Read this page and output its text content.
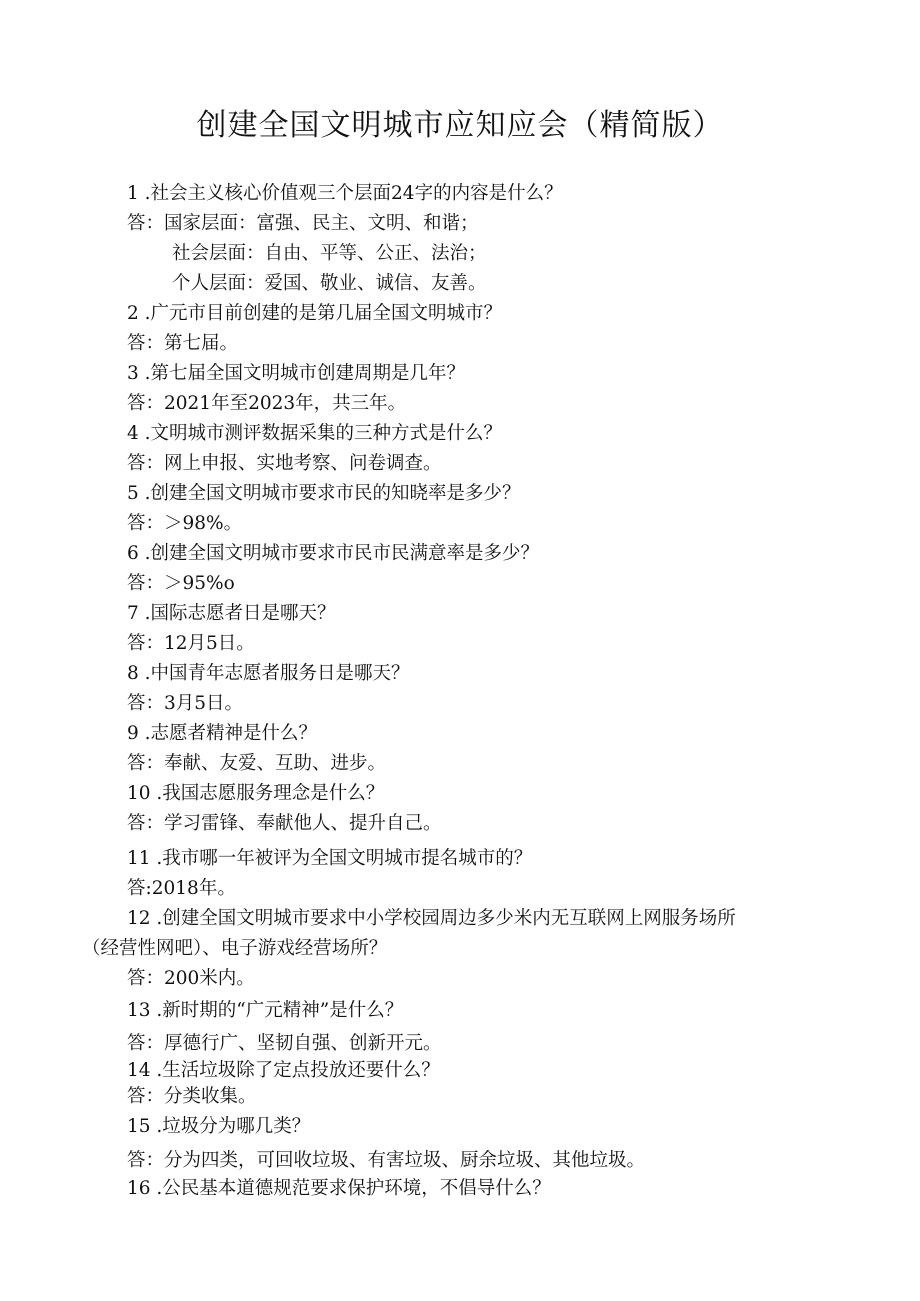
创建全国文明城市应知应会（精简版）

1 .社会主义核心价值观三个层面24字的内容是什么？

答：国家层面：富强、民主、文明、和谐；

社会层面：自由、平等、公正、法治；

个人层面：爱国、敬业、诚信、友善。

2 .广元市目前创建的是第几届全国文明城市？

答：第七届。

3 .第七届全国文明城市创建周期是几年？

答：2021年至2023年，共三年。

4 .文明城市测评数据采集的三种方式是什么？

答：网上申报、实地考察、问卷调查。

5 .创建全国文明城市要求市民的知晓率是多少？

答：＞98%。

6 .创建全国文明城市要求市民市民满意率是多少？

答：＞95%o

7 .国际志愿者日是哪天？

答：12月5日。

8 .中国青年志愿者服务日是哪天？

答：3月5日。

9 .志愿者精神是什么？

答：奉献、友爱、互助、进步。

10 .我国志愿服务理念是什么？

答：学习雷锋、奉献他人、提升自己。

11 .我市哪一年被评为全国文明城市提名城市的？

答:2018年。

12 .创建全国文明城市要求中小学校园周边多少米内无互联网上网服务场所

（经营性网吧）、电子游戏经营场所？

答：200米内。

13 .新时期的“广元精神”是什么？

答：厚德行广、坚韧自强、创新开元。

14 .生活垃圾除了定点投放还要什么？

答：分类收集。

15 .垃圾分为哪几类？

答：分为四类，可回收垃圾、有害垃圾、厨余垃圾、其他垃圾。

16 .公民基本道德规范要求保护环境，不倡导什么？
